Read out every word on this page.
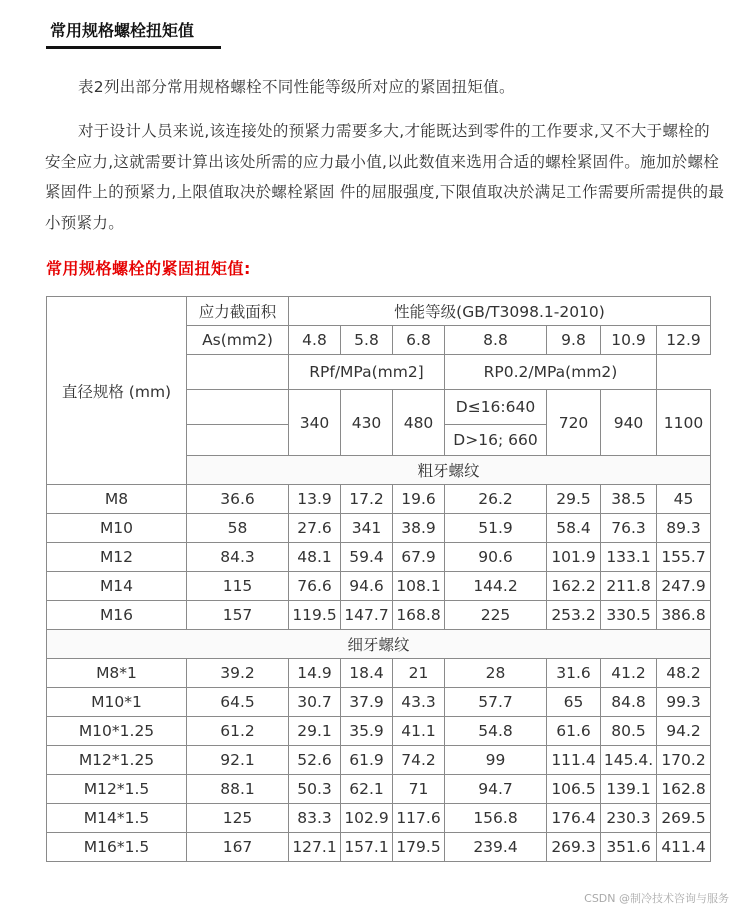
常用规格螺栓扭矩值
表2列出部分常用规格螺栓不同性能等级所对应的紧固扭矩值。
对于设计人员来说,该连接处的预紧力需要多大,才能既达到零件的工作要求,又不大于螺栓的安全应力,这就需要计算出该处所需的应力最小值,以此数值来选用合适的螺栓紧固件。施加於螺栓紧固件上的预紧力,上限值取决於螺栓紧固 件的屈服强度,下限值取决於满足工作需要所需提供的最小预紧力。
常用规格螺栓的紧固扭矩值:
直径规格 (mm)	应力截面积	性能等级(GB/T3098.1-2010)						
	As(mm2)	4.8	5.8	6.8	8.8	9.8	10.9	12.9
		RPf/MPa(mm2]			RP0.2/MPa(mm2)			
		340	430	480	D≤16:640	720	940	1100
					D>16; 660			
	粗牙螺纹							
M8	36.6	13.9	17.2	19.6	26.2	29.5	38.5	45
M10	58	27.6	341	38.9	51.9	58.4	76.3	89.3
M12	84.3	48.1	59.4	67.9	90.6	101.9	133.1	155.7
M14	115	76.6	94.6	108.1	144.2	162.2	211.8	247.9
M16	157	119.5	147.7	168.8	225	253.2	330.5	386.8
细牙螺纹								
M8*1	39.2	14.9	18.4	21	28	31.6	41.2	48.2
M10*1	64.5	30.7	37.9	43.3	57.7	65	84.8	99.3
M10*1.25	61.2	29.1	35.9	41.1	54.8	61.6	80.5	94.2
M12*1.25	92.1	52.6	61.9	74.2	99	111.4	145.4.	170.2
M12*1.5	88.1	50.3	62.1	71	94.7	106.5	139.1	162.8
M14*1.5	125	83.3	102.9	117.6	156.8	176.4	230.3	269.5
M16*1.5	167	127.1	157.1	179.5	239.4	269.3	351.6	411.4
CSDN @制冷技术咨询与服务
